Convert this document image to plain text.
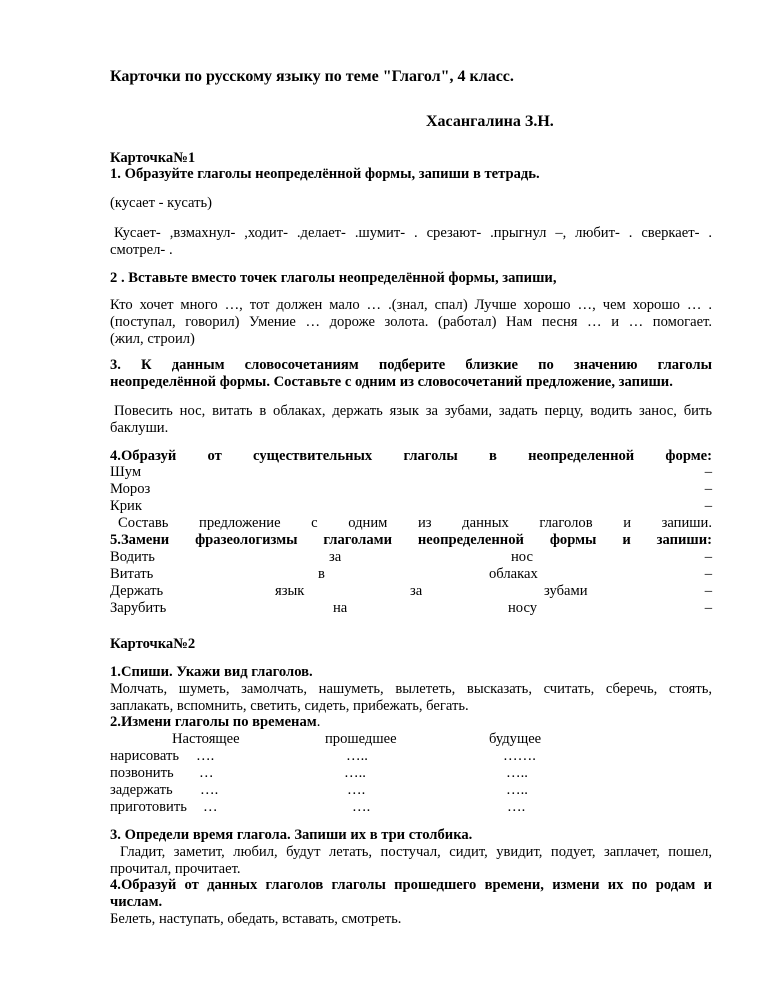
Карточки по русскому языку по теме "Глагол", 4 класс.
Хасангалина З.Н.
Карточка№1
1. Образуйте глаголы неопределённой формы, запиши в тетрадь.
(кусает - кусать)
Кусает- ,взмахнул- ,ходит- .делает- .шумит- . срезают- .прыгнул –, любит- . сверкает- .
смотрел- .
2 . Вставьте вместо точек глаголы неопределённой формы, запиши,
Кто хочет много …, тот должен мало … .(знал, спал) Лучше хорошо …, чем хорошо … .
(поступал, говорил) Умение … дороже золота. (работал) Нам песня … и … помогает.
(жил, строил)
3. К данным словосочетаниям подберите близкие по значению глаголы
неопределённой формы. Составьте с одним из словосочетаний предложение, запиши.
Повесить нос, витать в облаках, держать язык за зубами, задать перцу, водить занос, бить
баклуши.
4.Образуй от существительных глаголы в неопределенной форме:
Шум	–
Мороз	–
Крик	–
Составь предложение с одним из данных глаголов и запиши.
5.Замени фразеологизмы глаголами неопределенной формы и запиши:
Водить	за	нос	–
Витать	в	облаках	–
Держать	язык	за	зубами	–
Зарубить	на	носу	–
Карточка№2
1.Спиши. Укажи вид глаголов.
Молчать, шуметь, замолчать, нашуметь, вылететь, высказать, считать, сберечь, стоять,
заплакать, вспомнить, светить, сидеть, прибежать, бегать.
2.Измени глаголы по временам.
Настоящее	прошедшее	будущее
нарисовать ….	…..	…….
позвонить …	…..	…..
задержать ….	….	…..
приготовить …	….	….
3. Определи время глагола. Запиши их в три столбика.
Гладит, заметит, любил, будут летать, постучал, сидит, увидит, подует, заплачет, пошел,
прочитал, прочитает.
4.Образуй от данных глаголов глаголы прошедшего времени, измени их по родам и
числам.
Белеть, наступать, обедать, вставать, смотреть.
